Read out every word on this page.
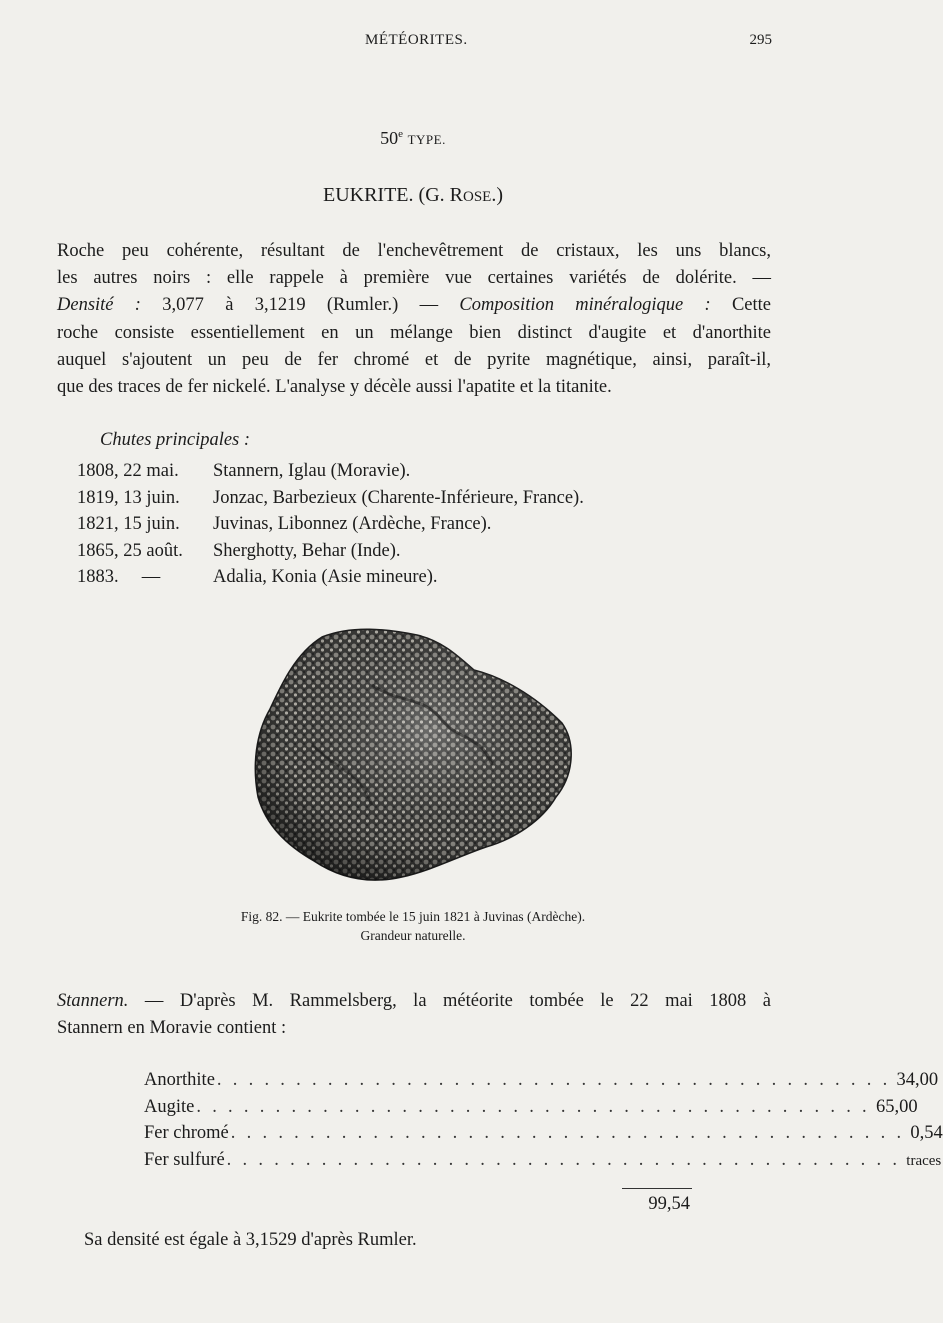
MÉTÉORITES.	295
50e TYPE.
EUKRITE. (G. ROSE.)
Roche peu cohérente, résultant de l'enchevêtrement de cristaux, les uns blancs,
les autres noirs : elle rappele à première vue certaines variétés de dolérite. —
Densité : 3,077 à 3,1219 (Rumler.) — Composition minéralogique : Cette
roche consiste essentiellement en un mélange bien distinct d'augite et d'anorthite
auquel s'ajoutent un peu de fer chromé et de pyrite magnétique, ainsi, paraît-il,
que des traces de fer nickelé. L'analyse y décèle aussi l'apatite et la titanite.
Chutes principales :
1808, 22 mai.	Stannern, Iglau (Moravie).
1819, 13 juin.	Jonzac, Barbezieux (Charente-Inférieure, France).
1821, 15 juin.	Juvinas, Libonnez (Ardèche, France).
1865, 25 août.	Sherghotty, Behar (Inde).
1883.     —	Adalia, Konia (Asie mineure).
Fig. 82. — Eukrite tombée le 15 juin 1821 à Juvinas (Ardèche).
Grandeur naturelle.
Stannern. — D'après M. Rammelsberg, la météorite tombée le 22 mai 1808 à
Stannern en Moravie contient :
Anorthite . . . . . . . . . . . . . . . . . . . . . . . . . . . . . . . . . . . . . . . . . . . 34,00
Augite . . . . . . . . . . . . . . . . . . . . . . . . . . . . . . . . . . . . . . . . . . . 65,00
Fer chromé . . . . . . . . . . . . . . . . . . . . . . . . . . . . . . . . . . . . . . . . . . . 0,54
Fer sulfuré . . . . . . . . . . . . . . . . . . . . . . . . . . . . . . . . . . . . . . . . . . . traces
99,54
Sa densité est égale à 3,1529 d'après Rumler.
